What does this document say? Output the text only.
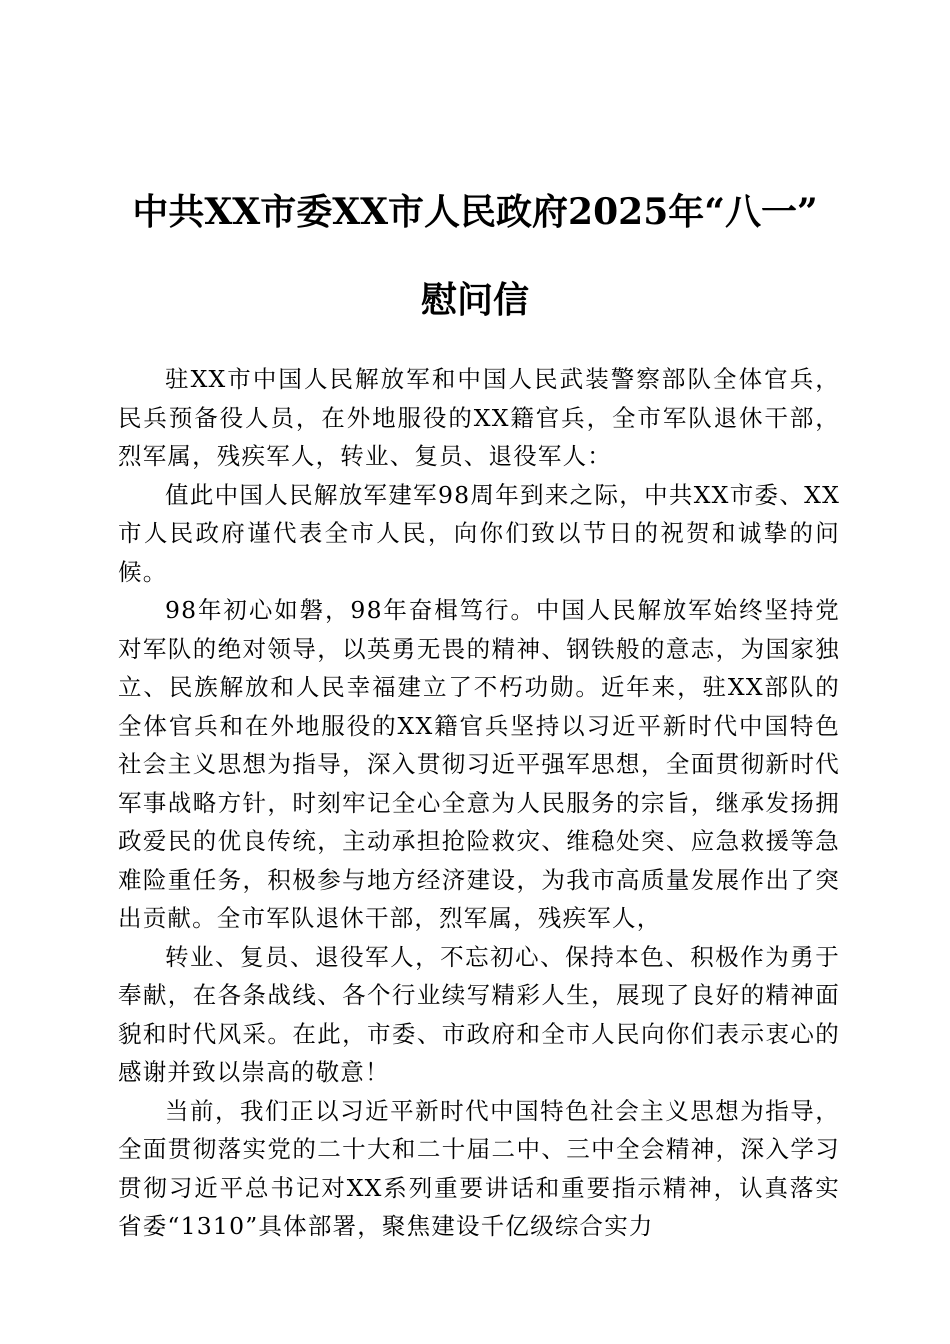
中共XX市委XX市人民政府2025年“八一”
慰问信

驻XX市中国人民解放军和中国人民武装警察部队全体官兵，民兵预备役人员，在外地服役的XX籍官兵，全市军队退休干部，烈军属，残疾军人，转业、复员、退役军人：

值此中国人民解放军建军98周年到来之际，中共XX市委、XX市人民政府谨代表全市人民，向你们致以节日的祝贺和诚挚的问候。

98年初心如磐，98年奋楫笃行。中国人民解放军始终坚持党对军队的绝对领导，以英勇无畏的精神、钢铁般的意志，为国家独立、民族解放和人民幸福建立了不朽功勋。近年来，驻XX部队的全体官兵和在外地服役的XX籍官兵坚持以习近平新时代中国特色社会主义思想为指导，深入贯彻习近平强军思想，全面贯彻新时代军事战略方针，时刻牢记全心全意为人民服务的宗旨，继承发扬拥政爱民的优良传统，主动承担抢险救灾、维稳处突、应急救援等急难险重任务，积极参与地方经济建设，为我市高质量发展作出了突出贡献。全市军队退休干部，烈军属，残疾军人，

转业、复员、退役军人，不忘初心、保持本色、积极作为勇于奉献，在各条战线、各个行业续写精彩人生，展现了良好的精神面貌和时代风采。在此，市委、市政府和全市人民向你们表示衷心的感谢并致以崇高的敬意！

当前，我们正以习近平新时代中国特色社会主义思想为指导，全面贯彻落实党的二十大和二十届二中、三中全会精神，深入学习贯彻习近平总书记对XX系列重要讲话和重要指示精神，认真落实省委“1310”具体部署，聚焦建设千亿级综合实力
